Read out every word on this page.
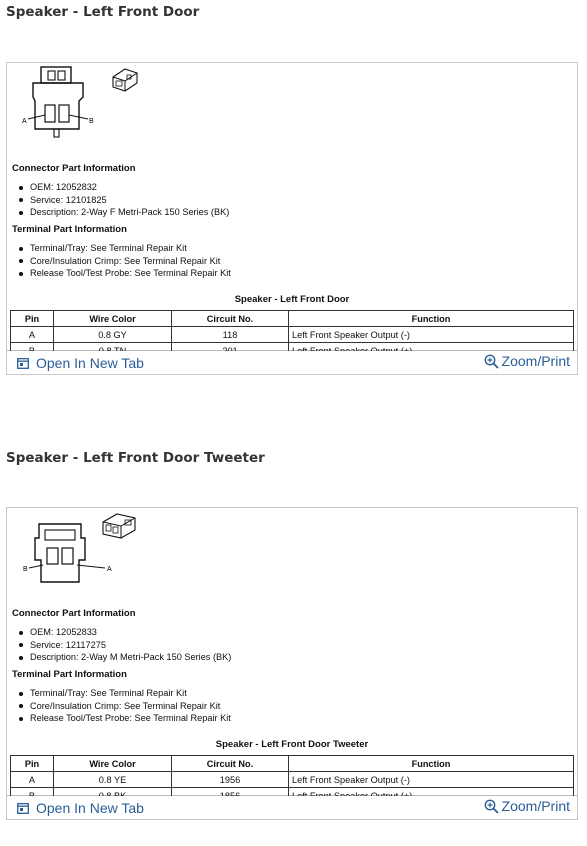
Speaker - Left Front Door
A	B
Connector Part Information
OEM: 12052832
Service: 12101825
Description: 2-Way F Metri-Pack 150 Series (BK)
Terminal Part Information
Terminal/Tray: See Terminal Repair Kit
Core/Insulation Crimp: See Terminal Repair Kit
Release Tool/Test Probe: See Terminal Repair Kit
Speaker - Left Front Door
Pin	Wire Color	Circuit No.	Function
A	0.8 GY	118	Left Front Speaker Output (-)

Open In New Tab	Zoom/Print
Speaker - Left Front Door Tweeter
B	A
Connector Part Information
OEM: 12052833
Service: 12117275
Description: 2-Way M Metri-Pack 150 Series (BK)
Terminal Part Information
Terminal/Tray: See Terminal Repair Kit
Core/Insulation Crimp: See Terminal Repair Kit
Release Tool/Test Probe: See Terminal Repair Kit
Speaker - Left Front Door Tweeter
Pin	Wire Color	Circuit No.	Function
A	0.8 YE	1956	Left Front Speaker Output (-)

Open In New Tab	Zoom/Print
